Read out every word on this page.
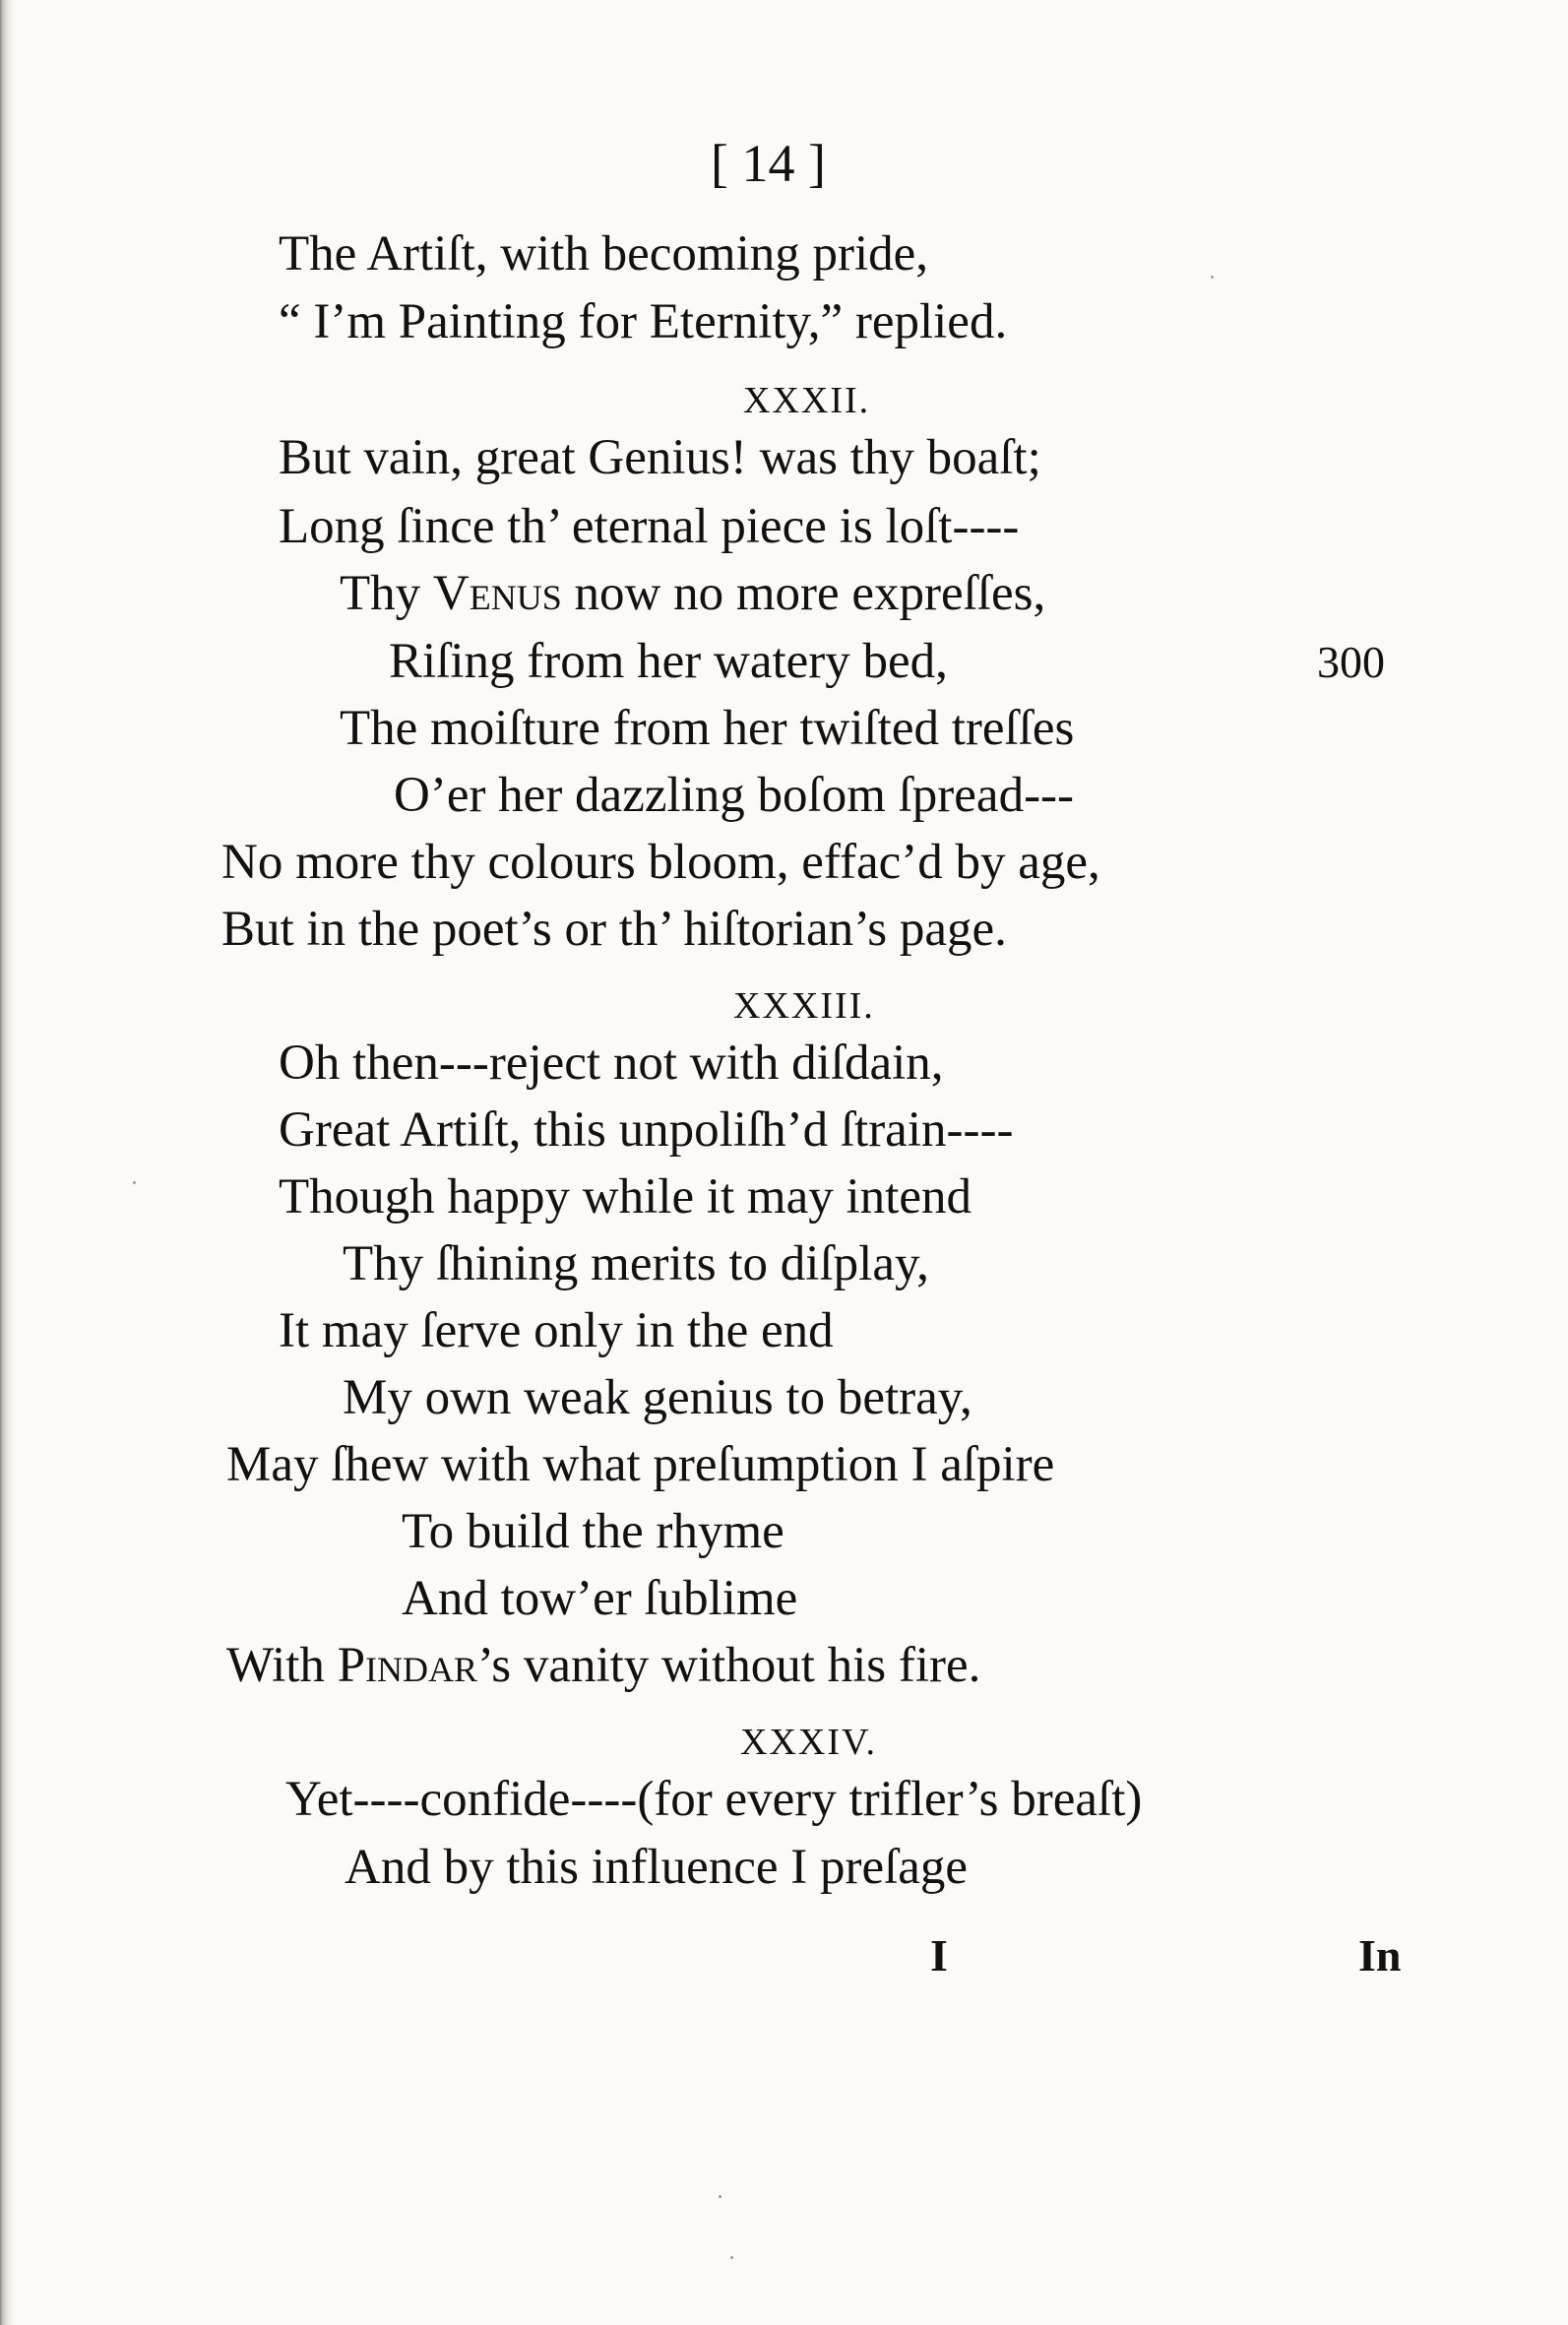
[ 14 ]
The Artiſt, with becoming pride,
“ I’m Painting for Eternity,” replied.
XXXII.
But vain, great Genius! was thy boaſt;
Long ſince th’ eternal piece is loſt----
Thy Venus now no more expreſſes,
Riſing from her watery bed,	300
The moiſture from her twiſted treſſes
O’er her dazzling boſom ſpread---
No more thy colours bloom, effac’d by age,
But in the poet’s or th’ hiſtorian’s page.
XXXIII.
Oh then---reject not with diſdain,
Great Artiſt, this unpoliſh’d ſtrain----
Though happy while it may intend
Thy ſhining merits to diſplay,
It may ſerve only in the end
My own weak genius to betray,
May ſhew with what preſumption I aſpire
To build the rhyme
And tow’er ſublime
With Pindar’s vanity without his fire.
XXXIV.
Yet----confide----(for every trifler’s breaſt)
And by this influence I preſage
I	In
